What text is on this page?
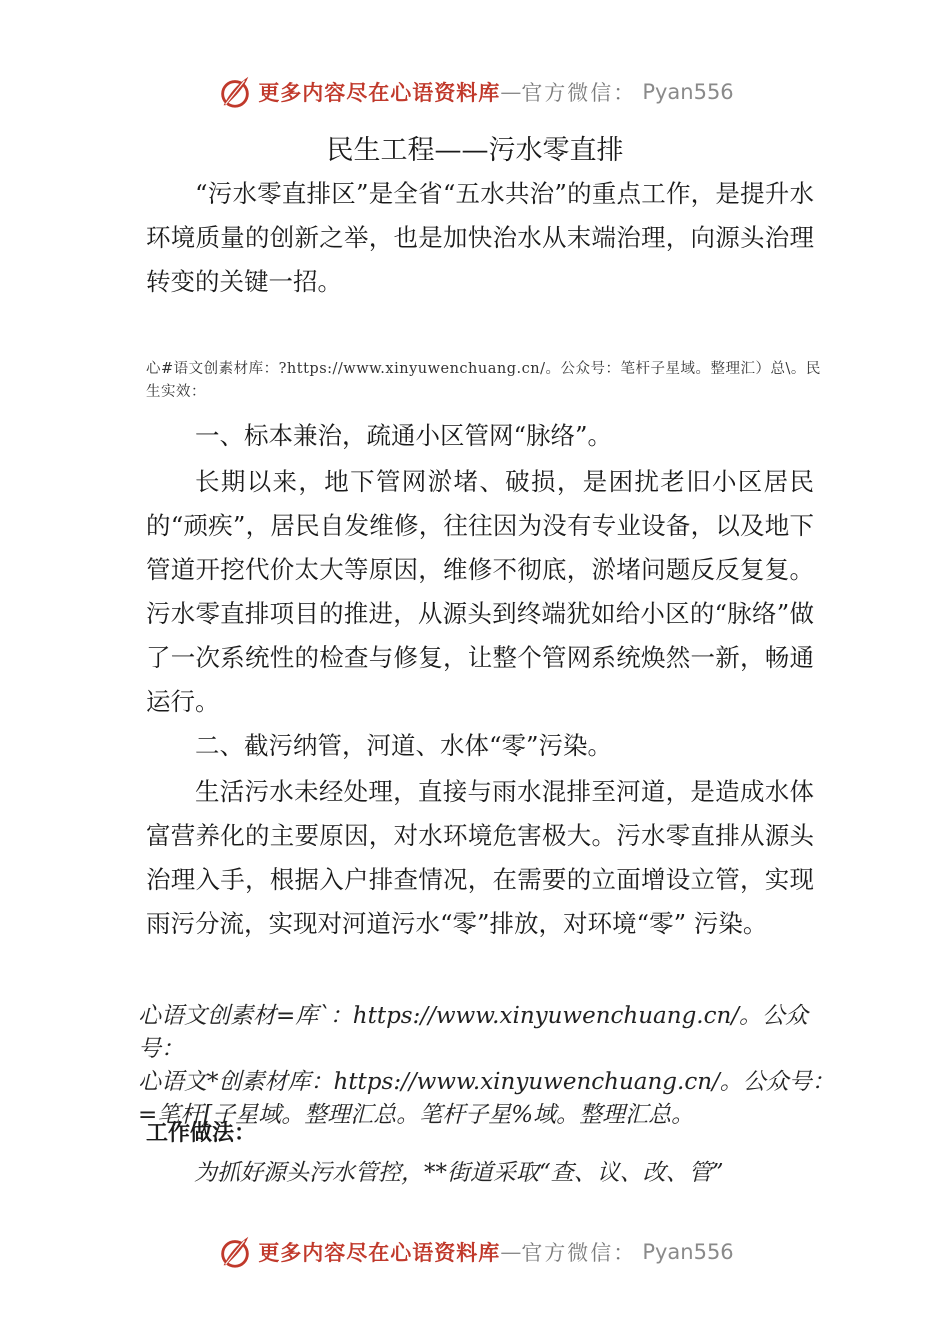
更多内容尽在心语资料库 — 官方微信： Pyan556
民生工程——污水零直排

“污水零直排区”是全省“五水共治”的重点工作，是提升水环境质量的创新之举，也是加快治水从末端治理，向源头治理转变的关键一招。

心#语文创素材库：?https://www.xinyuwenchuang.cn/。公众号：笔杆子星域。整理汇）总\。民生实效：

一、标本兼治，疏通小区管网“脉络”。

长期以来，地下管网淤堵、破损，是困扰老旧小区居民的“顽疾”，居民自发维修，往往因为没有专业设备，以及地下管道开挖代价太大等原因，维修不彻底，淤堵问题反反复复。污水零直排项目的推进，从源头到终端犹如给小区的“脉络”做了一次系统性的检查与修复，让整个管网系统焕然一新，畅通运行。

二、截污纳管，河道、水体“零”污染。

生活污水未经处理，直接与雨水混排至河道，是造成水体富营养化的主要原因，对水环境危害极大。污水零直排从源头治理入手，根据入户排查情况，在需要的立面增设立管，实现雨污分流，实现对河道污水“零”排放，对环境“零” 污染。

心语文创素材=库`：https://www.xinyuwenchuang.cn/。公众号：
心语文*创素材库：https://www.xinyuwenchuang.cn/。公众号：
=笔杆[子星域。整理汇总。笔杆子星%域。整理汇总。
工作做法：
为抓好源头污水管控，**街道采取“查、议、改、管”
更多内容尽在心语资料库 — 官方微信： Pyan556
